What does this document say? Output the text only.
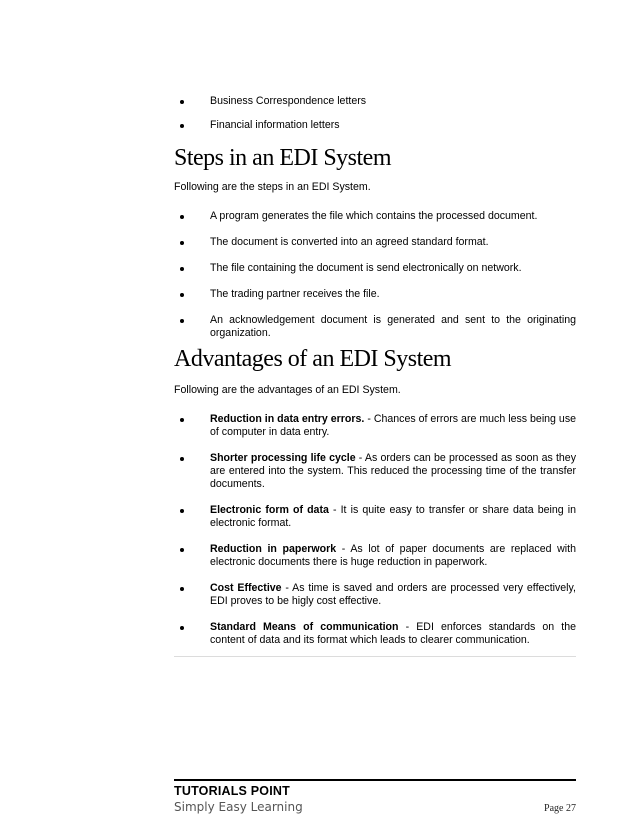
Business Correspondence letters
Financial information letters
Steps in an EDI System

Following are the steps in an EDI System.

A program generates the file which contains the processed document.
The document is converted into an agreed standard format.
The file containing the document is send electronically on network.
The trading partner receives the file.
An acknowledgement document is generated and sent to the originating organization.
Advantages of an EDI System

Following are the advantages of an EDI System.

Reduction in data entry errors. - Chances of errors are much less being use of computer in data entry.
Shorter processing life cycle - As orders can be processed as soon as they are entered into the system. This reduced the processing time of the transfer documents.
Electronic form of data - It is quite easy to transfer or share data being in electronic format.
Reduction in paperwork - As lot of paper documents are replaced with electronic documents there is huge reduction in paperwork.
Cost Effective - As time is saved and orders are processed very effectively, EDI proves to be higly cost effective.
Standard Means of communication - EDI enforces standards on the content of data and its format which leads to clearer communication.
TUTORIALS POINT
Simply Easy Learning	Page 27
